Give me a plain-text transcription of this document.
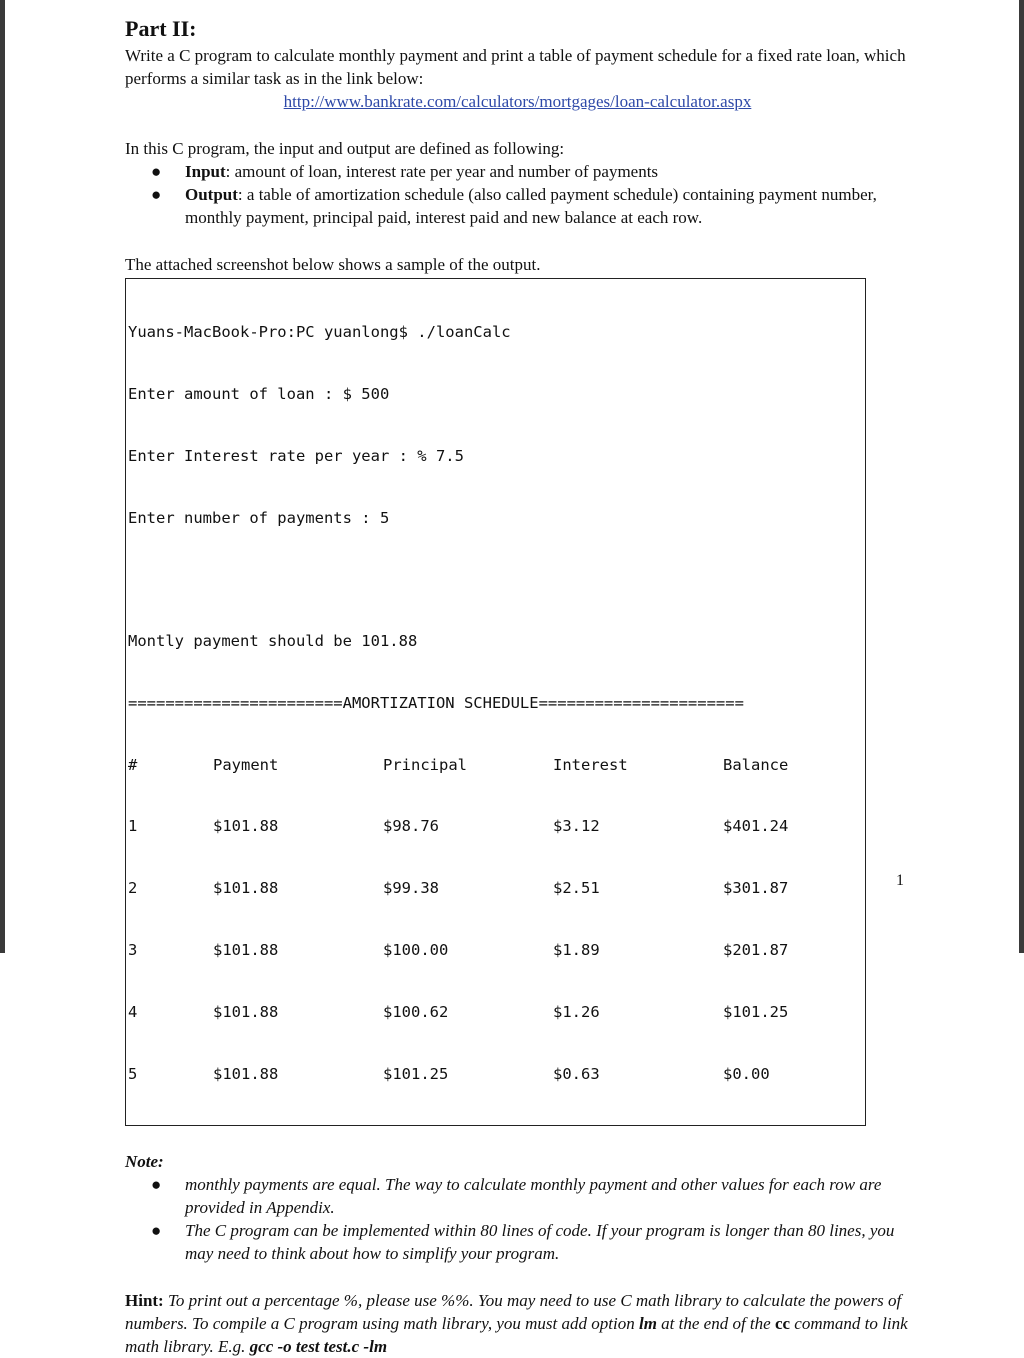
Part II:

Write a C program to calculate monthly payment and print a table of payment schedule for a fixed rate loan, which performs a similar task as in the link below:

http://www.bankrate.com/calculators/mortgages/loan-calculator.aspx

In this C program, the input and output are defined as following:

● Input: amount of loan, interest rate per year and number of payments
● Output: a table of amortization schedule (also called payment schedule) containing payment number, monthly payment, principal paid, interest paid and new balance at each row.

The attached screenshot below shows a sample of the output.

Yuans-MacBook-Pro:PC yuanlong$ ./loanCalc

Enter amount of loan : $ 500

Enter Interest rate per year : % 7.5

Enter number of payments : 5

Montly payment should be 101.88

=======================AMORTIZATION SCHEDULE======================

#	Payment	Principal	Interest	Balance

1	$101.88	$98.76	$3.12	$401.24

2	$101.88	$99.38	$2.51	$301.87

3	$101.88	$100.00	$1.89	$201.87

4	$101.88	$100.62	$1.26	$101.25

5	$101.88	$101.25	$0.63	$0.00

Note:

● monthly payments are equal. The way to calculate monthly payment and other values for each row are provided in Appendix.
● The C program can be implemented within 80 lines of code. If your program is longer than 80 lines, you may need to think about how to simplify your program.

Hint: To print out a percentage %, please use %%. You may need to use C math library to calculate the powers of numbers. To compile a C program using math library, you must add option lm at the end of the cc command to link math library. E.g. gcc -o test test.c -lm

1
